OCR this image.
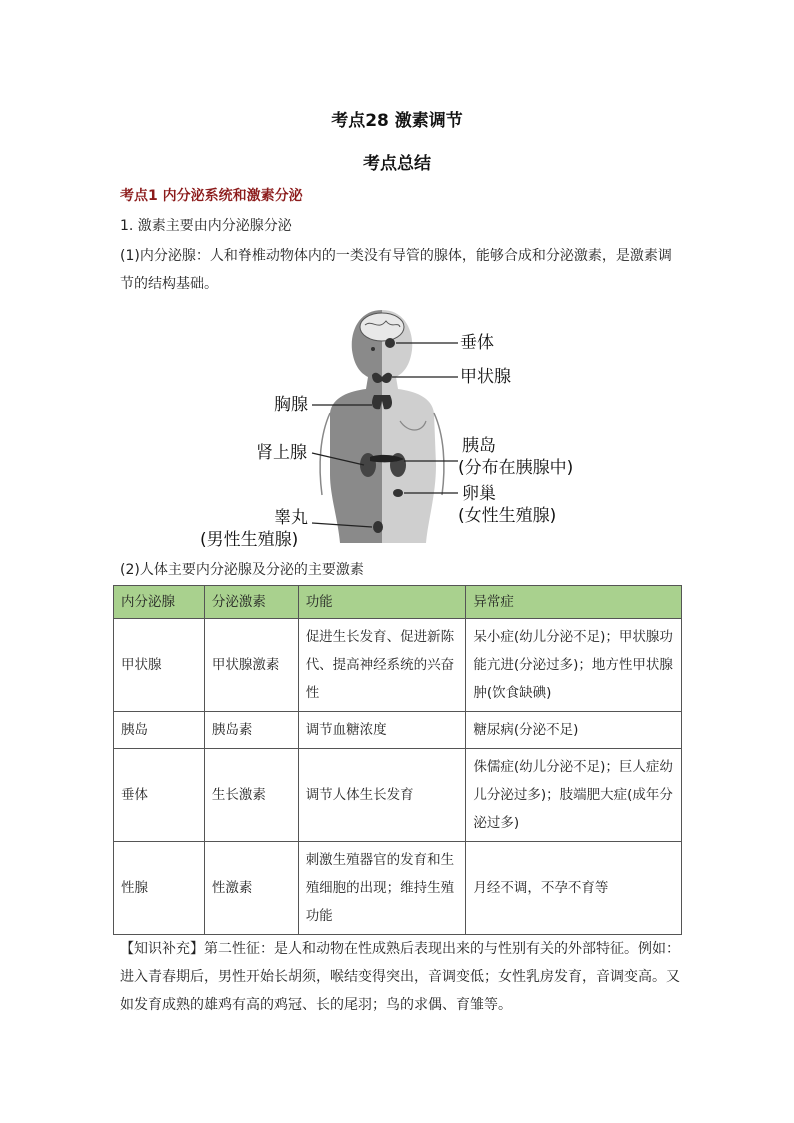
考点28 激素调节
考点总结
考点1 内分泌系统和激素分泌
1. 激素主要由内分泌腺分泌
(1)内分泌腺：人和脊椎动物体内的一类没有导管的腺体，能够合成和分泌激素，是激素调节的结构基础。
垂体
甲状腺
胸腺
肾上腺	胰岛
(分布在胰腺中)
卵巢
(女性生殖腺)
睾丸
(男性生殖腺)
(2)人体主要内分泌腺及分泌的主要激素
内分泌腺	分泌激素	功能	异常症
甲状腺	甲状腺激素	促进生长发育、促进新陈代、提高神经系统的兴奋性	呆小症(幼儿分泌不足)；甲状腺功能亢进(分泌过多)；地方性甲状腺肿(饮食缺碘)
胰岛	胰岛素	调节血糖浓度	糖尿病(分泌不足)
垂体	生长激素	调节人体生长发育	侏儒症(幼儿分泌不足)；巨人症幼儿分泌过多)；肢端肥大症(成年分泌过多)
性腺	性激素	刺激生殖器官的发育和生殖细胞的出现；维持生殖功能	月经不调，不孕不育等
【知识补充】第二性征：是人和动物在性成熟后表现出来的与性别有关的外部特征。例如：进入青春期后，男性开始长胡须，喉结变得突出，音调变低；女性乳房发育，音调变高。又如发育成熟的雄鸡有高的鸡冠、长的尾羽；鸟的求偶、育雏等。
